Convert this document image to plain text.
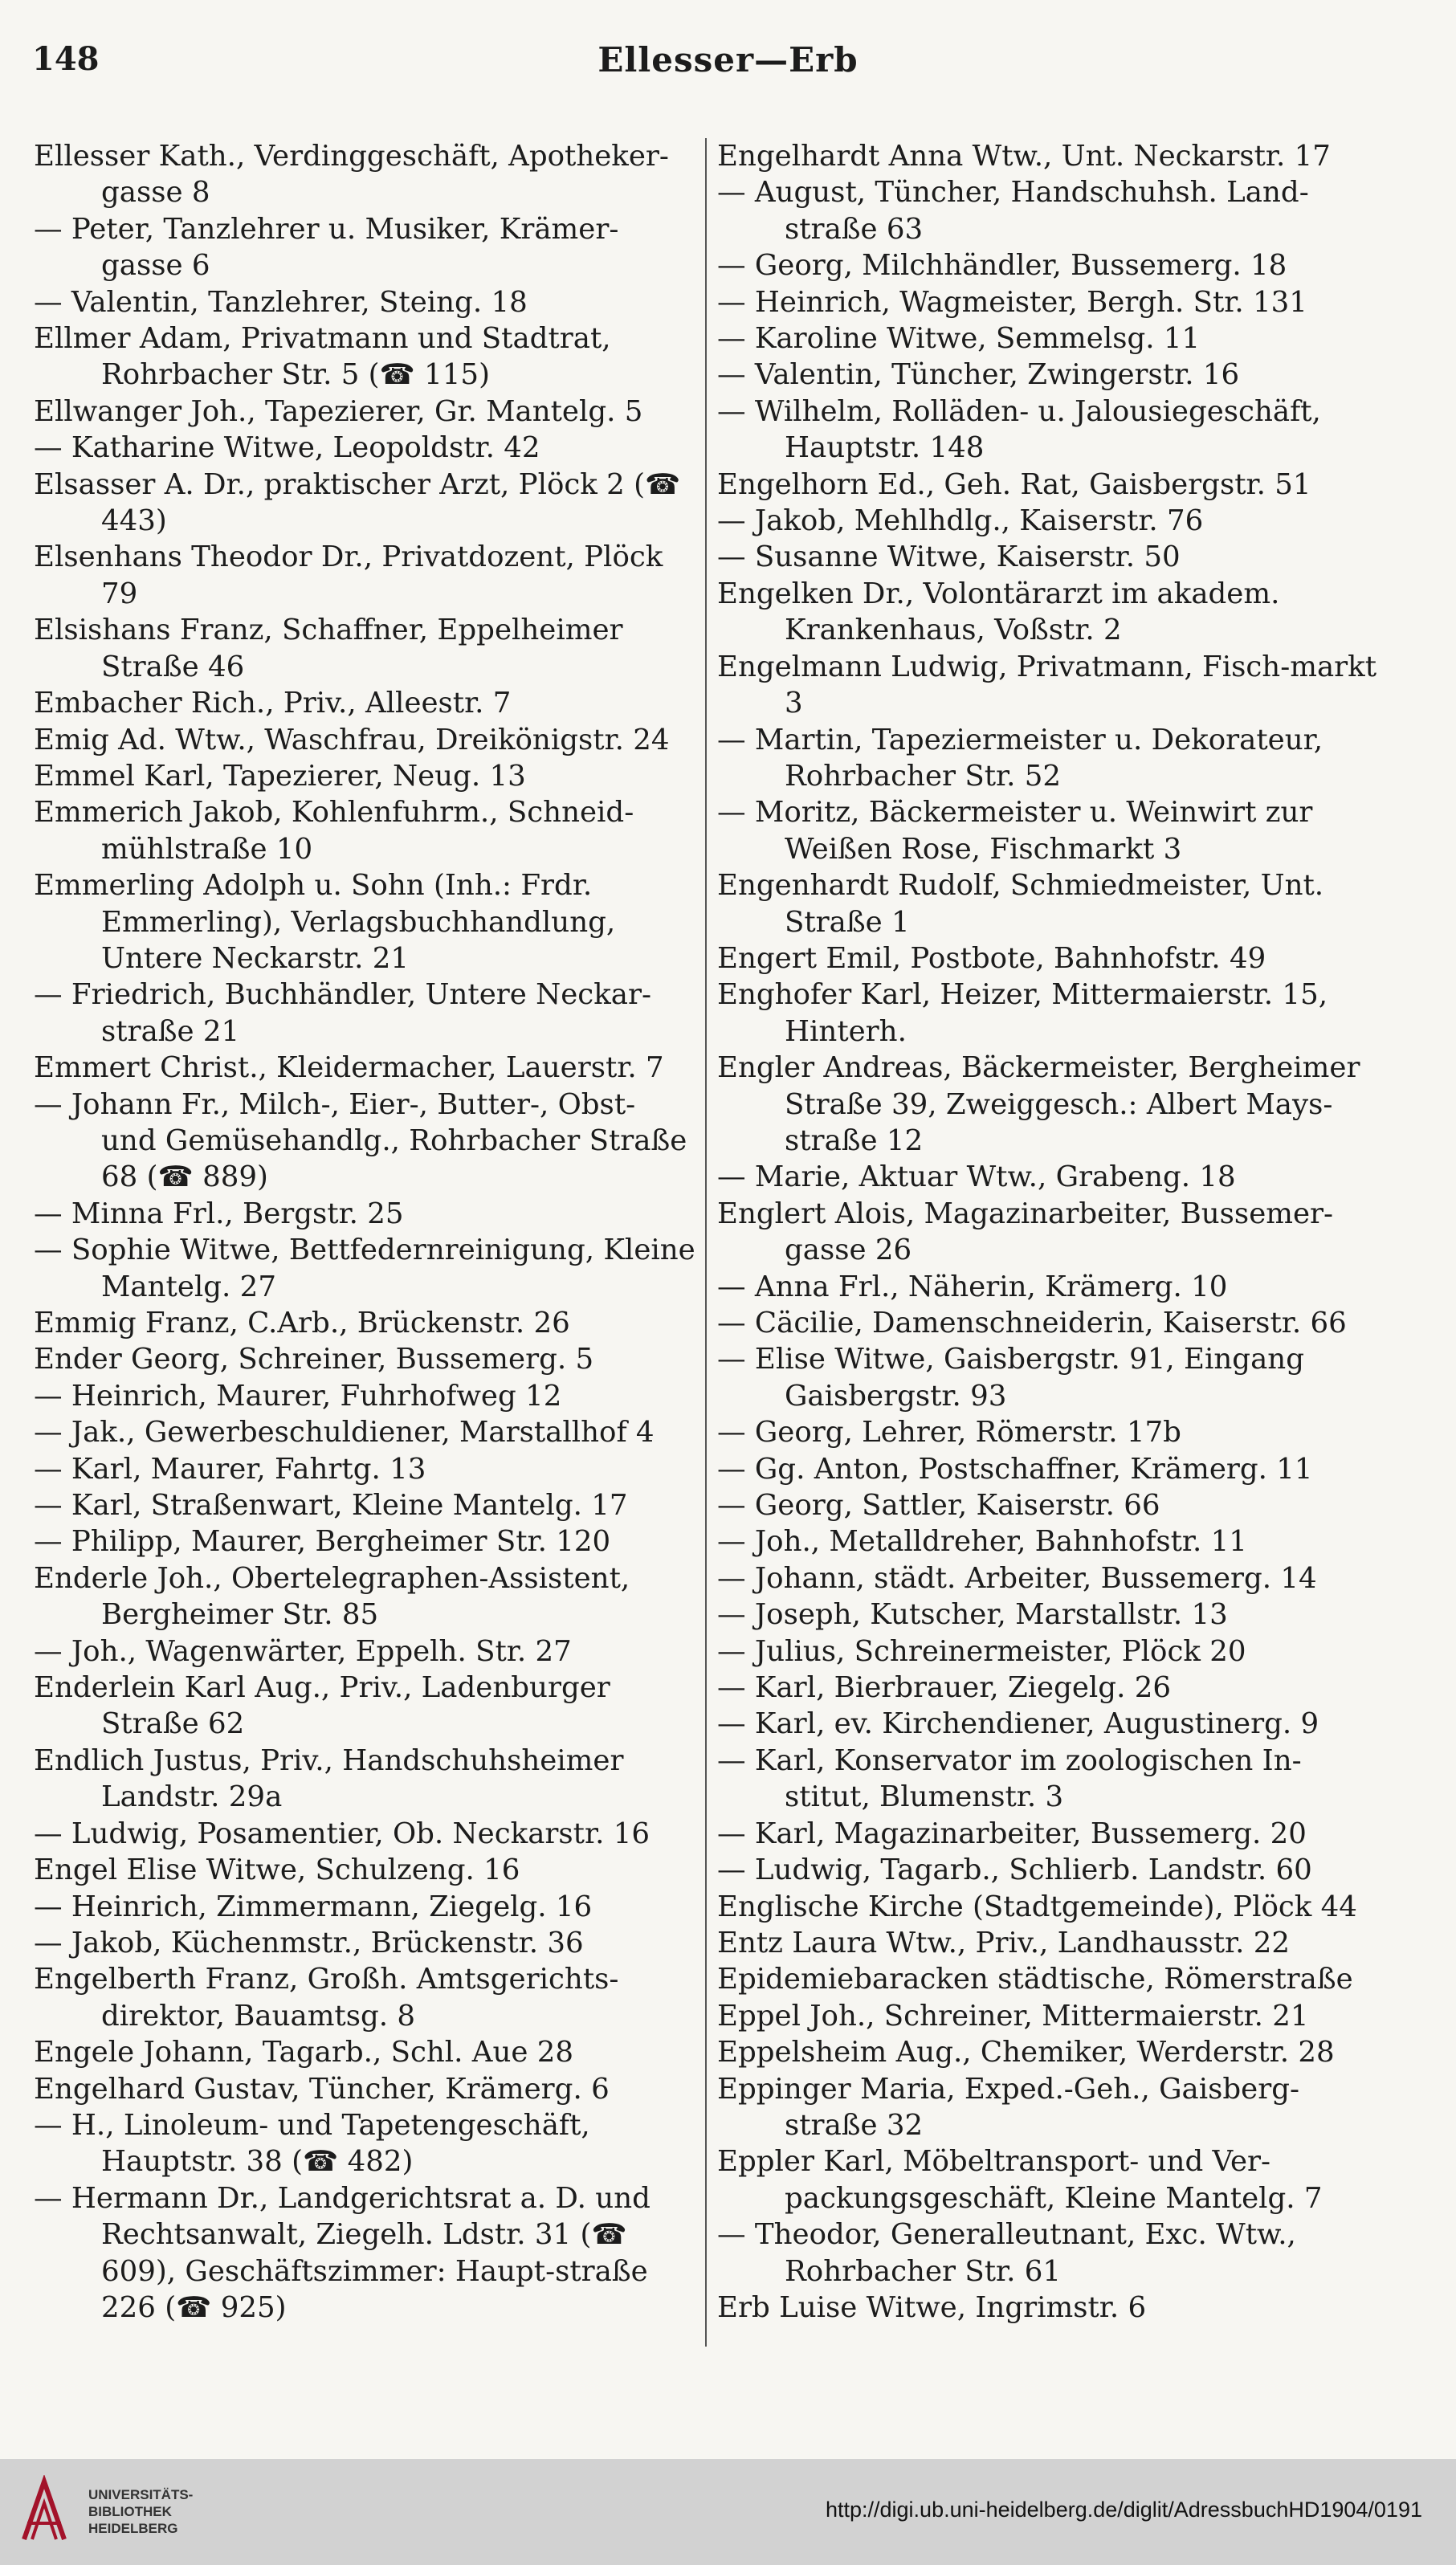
148	Ellesser—Erb
Ellesser Kath., Verdinggeschäft, Apotheker-gasse 8
— Peter, Tanzlehrer u. Musiker, Krämer-gasse 6
— Valentin, Tanzlehrer, Steing. 18
Ellmer Adam, Privatmann und Stadtrat, Rohrbacher Str. 5 (☎ 115)
Ellwanger Joh., Tapezierer, Gr. Mantelg. 5
— Katharine Witwe, Leopoldstr. 42
Elsasser A. Dr., praktischer Arzt, Plöck 2 (☎ 443)
Elsenhans Theodor Dr., Privatdozent, Plöck 79
Elsishans Franz, Schaffner, Eppelheimer Straße 46
Embacher Rich., Priv., Alleestr. 7
Emig Ad. Wtw., Waschfrau, Dreikönigstr. 24
Emmel Karl, Tapezierer, Neug. 13
Emmerich Jakob, Kohlenfuhrm., Schneid-mühlstraße 10
Emmerling Adolph u. Sohn (Inh.: Frdr. Emmerling), Verlagsbuchhandlung, Untere Neckarstr. 21
— Friedrich, Buchhändler, Untere Neckar-straße 21
Emmert Christ., Kleidermacher, Lauerstr. 7
— Johann Fr., Milch-, Eier-, Butter-, Obst- und Gemüsehandlg., Rohrbacher Straße 68 (☎ 889)
— Minna Frl., Bergstr. 25
— Sophie Witwe, Bettfedernreinigung, Kleine Mantelg. 27
Emmig Franz, C.Arb., Brückenstr. 26
Ender Georg, Schreiner, Bussemerg. 5
— Heinrich, Maurer, Fuhrhofweg 12
— Jak., Gewerbeschuldiener, Marstallhof 4
— Karl, Maurer, Fahrtg. 13
— Karl, Straßenwart, Kleine Mantelg. 17
— Philipp, Maurer, Bergheimer Str. 120
Enderle Joh., Obertelegraphen-Assistent, Bergheimer Str. 85
— Joh., Wagenwärter, Eppelh. Str. 27
Enderlein Karl Aug., Priv., Ladenburger Straße 62
Endlich Justus, Priv., Handschuhsheimer Landstr. 29a
— Ludwig, Posamentier, Ob. Neckarstr. 16
Engel Elise Witwe, Schulzeng. 16
— Heinrich, Zimmermann, Ziegelg. 16
— Jakob, Küchenmstr., Brückenstr. 36
Engelberth Franz, Großh. Amtsgerichts-direktor, Bauamtsg. 8
Engele Johann, Tagarb., Schl. Aue 28
Engelhard Gustav, Tüncher, Krämerg. 6
— H., Linoleum- und Tapetengeschäft, Hauptstr. 38 (☎ 482)
— Hermann Dr., Landgerichtsrat a. D. und Rechtsanwalt, Ziegelh. Ldstr. 31 (☎ 609), Geschäftszimmer: Haupt-straße 226 (☎ 925)
Engelhardt Anna Wtw., Unt. Neckarstr. 17
— August, Tüncher, Handschuhsh. Land-straße 63
— Georg, Milchhändler, Bussemerg. 18
— Heinrich, Wagmeister, Bergh. Str. 131
— Karoline Witwe, Semmelsg. 11
— Valentin, Tüncher, Zwingerstr. 16
— Wilhelm, Rolläden- u. Jalousiegeschäft, Hauptstr. 148
Engelhorn Ed., Geh. Rat, Gaisbergstr. 51
— Jakob, Mehlhdlg., Kaiserstr. 76
— Susanne Witwe, Kaiserstr. 50
Engelken Dr., Volontärarzt im akadem. Krankenhaus, Voßstr. 2
Engelmann Ludwig, Privatmann, Fisch-markt 3
— Martin, Tapeziermeister u. Dekorateur, Rohrbacher Str. 52
— Moritz, Bäckermeister u. Weinwirt zur Weißen Rose, Fischmarkt 3
Engenhardt Rudolf, Schmiedmeister, Unt. Straße 1
Engert Emil, Postbote, Bahnhofstr. 49
Enghofer Karl, Heizer, Mittermaierstr. 15, Hinterh.
Engler Andreas, Bäckermeister, Bergheimer Straße 39, Zweiggesch.: Albert Mays-straße 12
— Marie, Aktuar Wtw., Grabeng. 18
Englert Alois, Magazinarbeiter, Bussemer-gasse 26
— Anna Frl., Näherin, Krämerg. 10
— Cäcilie, Damenschneiderin, Kaiserstr. 66
— Elise Witwe, Gaisbergstr. 91, Eingang Gaisbergstr. 93
— Georg, Lehrer, Römerstr. 17b
— Gg. Anton, Postschaffner, Krämerg. 11
— Georg, Sattler, Kaiserstr. 66
— Joh., Metalldreher, Bahnhofstr. 11
— Johann, städt. Arbeiter, Bussemerg. 14
— Joseph, Kutscher, Marstallstr. 13
— Julius, Schreinermeister, Plöck 20
— Karl, Bierbrauer, Ziegelg. 26
— Karl, ev. Kirchendiener, Augustinerg. 9
— Karl, Konservator im zoologischen In-stitut, Blumenstr. 3
— Karl, Magazinarbeiter, Bussemerg. 20
— Ludwig, Tagarb., Schlierb. Landstr. 60
Englische Kirche (Stadtgemeinde), Plöck 44
Entz Laura Wtw., Priv., Landhausstr. 22
Epidemiebaracken städtische, Römerstraße
Eppel Joh., Schreiner, Mittermaierstr. 21
Eppelsheim Aug., Chemiker, Werderstr. 28
Eppinger Maria, Exped.-Geh., Gaisberg-straße 32
Eppler Karl, Möbeltransport- und Ver-packungsgeschäft, Kleine Mantelg. 7
— Theodor, Generalleutnant, Exc. Wtw., Rohrbacher Str. 61
Erb Luise Witwe, Ingrimstr. 6
UNIVERSITÄTS-
BIBLIOTHEK
HEIDELBERG
http://digi.ub.uni-heidelberg.de/diglit/AdressbuchHD1904/0191
